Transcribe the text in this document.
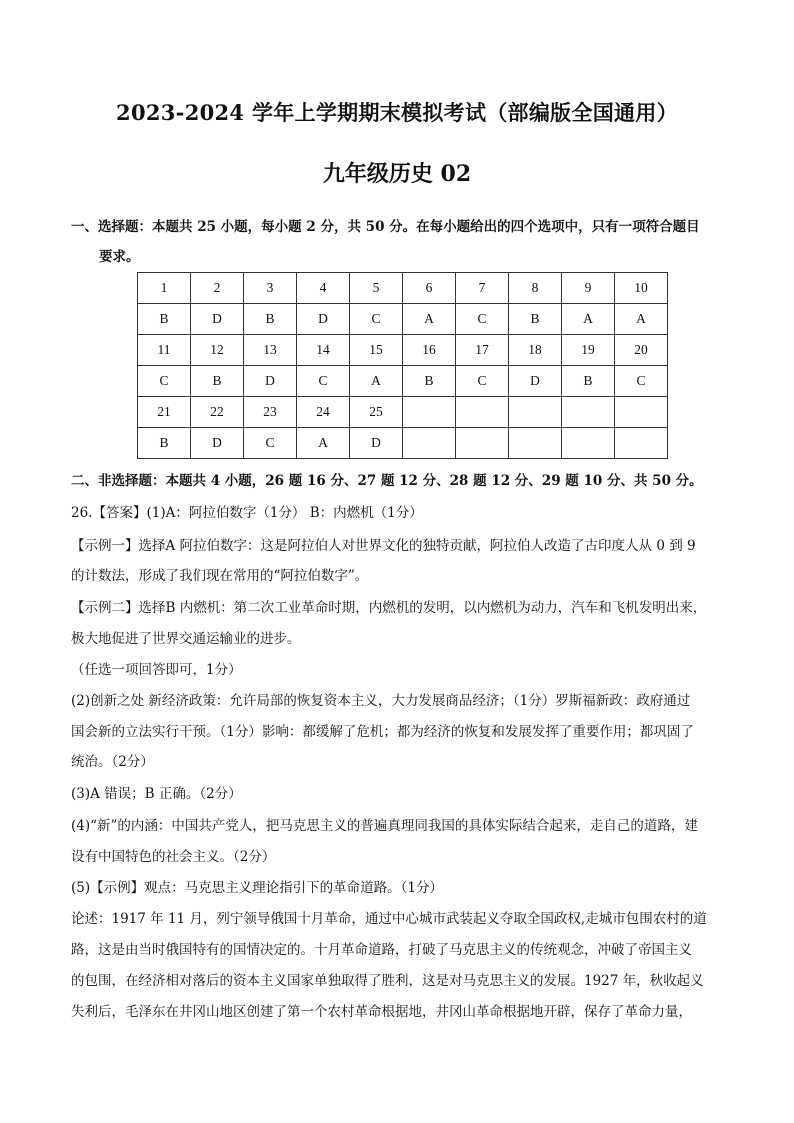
2023-2024 学年上学期期末模拟考试（部编版全国通用）
九年级历史 02
一、选择题：本题共 25 小题，每小题 2 分，共 50 分。在每小题给出的四个选项中，只有一项符合题目
要求。
1	2	3	4	5	6	7	8	9	10
B	D	B	D	C	A	C	B	A	A
11	12	13	14	15	16	17	18	19	20
C	B	D	C	A	B	C	D	B	C
21	22	23	24	25					
B	D	C	A	D					
二、非选择题：本题共 4 小题，26 题 16 分、27 题 12 分、28 题 12 分、29 题 10 分、共 50 分。
26.【答案】(1)A：阿拉伯数字（1分） B：内燃机（1分）
【示例一】选择A 阿拉伯数字：这是阿拉伯人对世界文化的独特贡献，阿拉伯人改造了古印度人从 0 到 9
的计数法，形成了我们现在常用的“阿拉伯数字”。
【示例二】选择B 内燃机：第二次工业革命时期，内燃机的发明，以内燃机为动力，汽车和飞机发明出来，
极大地促进了世界交通运输业的进步。
（任选一项回答即可，1分）
(2)创新之处 新经济政策：允许局部的恢复资本主义，大力发展商品经济；（1分）罗斯福新政：政府通过
国会新的立法实行干预。（1分）影响：都缓解了危机；都为经济的恢复和发展发挥了重要作用；都巩固了
统治。（2分）
(3)A 错误；B 正确。（2分）
(4)“新”的内涵：中国共产党人，把马克思主义的普遍真理同我国的具体实际结合起来，走自己的道路，建
设有中国特色的社会主义。（2分）
(5)【示例】观点：马克思主义理论指引下的革命道路。（1分）
论述：1917 年 11 月，列宁领导俄国十月革命，通过中心城市武装起义夺取全国政权,走城市包围农村的道
路，这是由当时俄国特有的国情决定的。十月革命道路，打破了马克思主义的传统观念，冲破了帝国主义
的包围，在经济相对落后的资本主义国家单独取得了胜利，这是对马克思主义的发展。1927 年，秋收起义
失利后，毛泽东在井冈山地区创建了第一个农村革命根据地，井冈山革命根据地开辟，保存了革命力量，
